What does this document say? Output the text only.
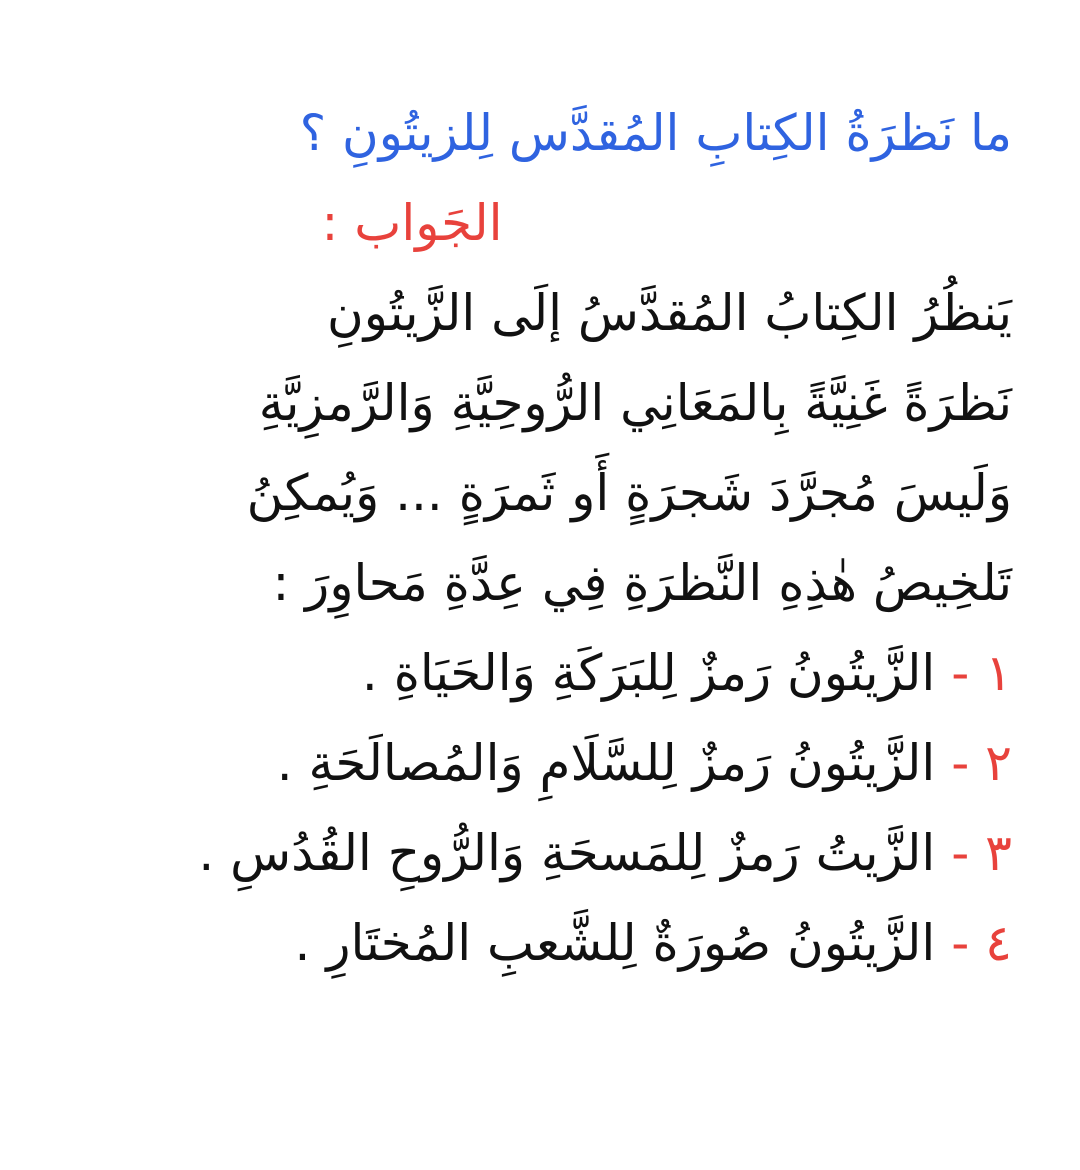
ما نَظرَةُ الكِتابِ المُقدَّس لِلزيتُونِ ؟
الجَواب :
يَنظُرُ الكِتابُ المُقدَّسُ إلَى الزَّيتُونِ
نَظرَةً غَنِيَّةً بِالمَعَانِي الرُّوحِيَّةِ وَالرَّمزِيَّةِ
وَلَيسَ مُجرَّدَ شَجرَةٍ أَو ثَمرَةٍ ... وَيُمكِنُ
تَلخِيصُ هٰذِهِ النَّظرَةِ فِي عِدَّةِ مَحاوِرَ :
١ - الزَّيتُونُ رَمزٌ لِلبَرَكَةِ وَالحَيَاةِ .
٢ - الزَّيتُونُ رَمزٌ لِلسَّلَامِ وَالمُصالَحَةِ .
٣ - الزَّيتُ رَمزٌ لِلمَسحَةِ وَالرُّوحِ القُدُسِ .
٤ - الزَّيتُونُ صُورَةٌ لِلشَّعبِ المُختَارِ .
